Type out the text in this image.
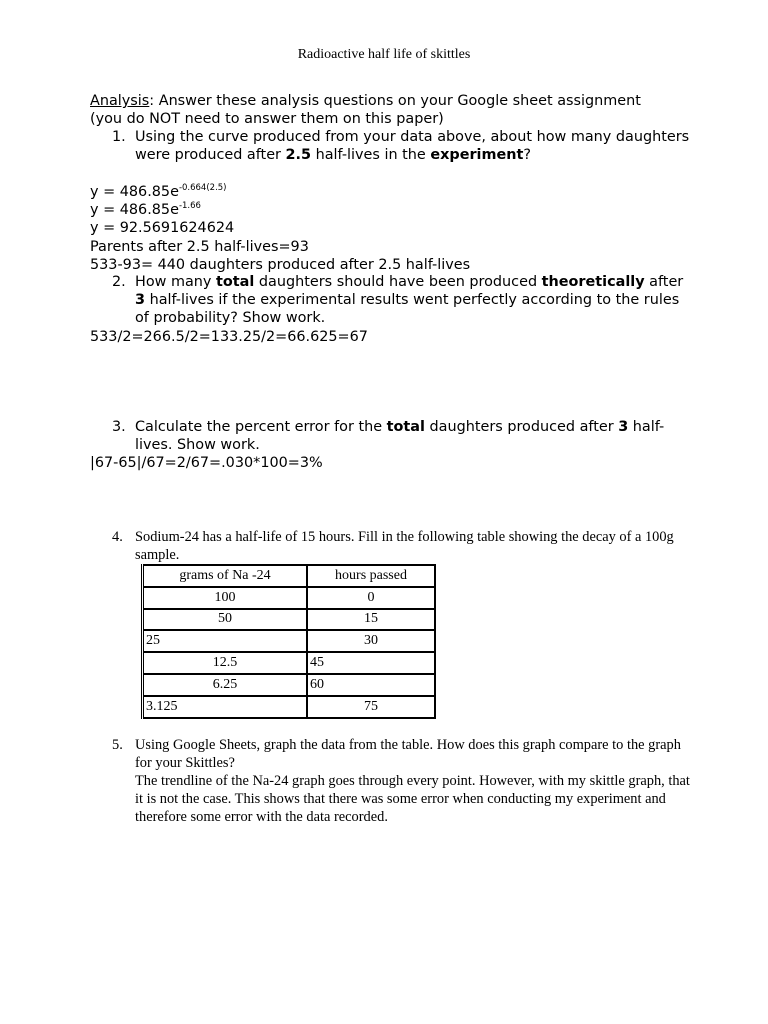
Radioactive half life of skittles
Analysis: Answer these analysis questions on your Google sheet assignment
(you do NOT need to answer them on this paper)
1. Using the curve produced from your data above, about how many daughters were produced after 2.5 half-lives in the experiment?
$y = 486.85e^{-0.664(2.5)}$
$y = 486.85e^{-1.66}$
y = 92.5691624624
Parents after 2.5 half-lives=93
533-93= 440 daughters produced after 2.5 half-lives
2. How many total daughters should have been produced theoretically after 3 half-lives if the experimental results went perfectly according to the rules of probability? Show work.
533/2=266.5/2=133.25/2=66.625=67
3. Calculate the percent error for the total daughters produced after 3 half-lives. Show work.
|67-65|/67=2/67=.030*100=3%
4. Sodium-24 has a half-life of 15 hours. Fill in the following table showing the decay of a 100g sample.
grams of Na -24	hours passed
100	0
50	15
25	30
12.5	45
6.25	60
3.125	75
5. Using Google Sheets, graph the data from the table. How does this graph compare to the graph for your Skittles?
The trendline of the Na-24 graph goes through every point. However, with my skittle graph, that it is not the case. This shows that there was some error when conducting my experiment and therefore some error with the data recorded.
